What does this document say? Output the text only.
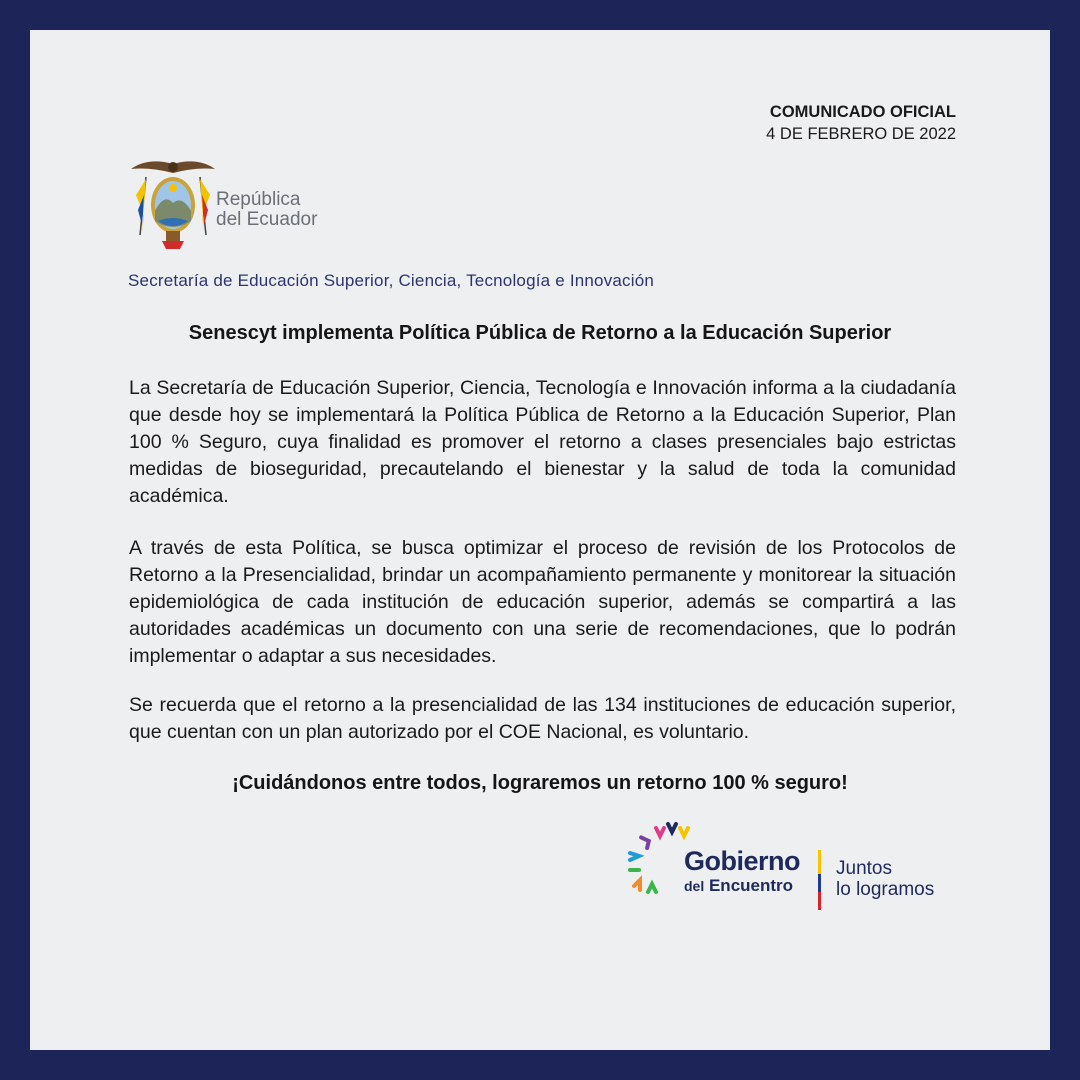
COMUNICADO OFICIAL
4 DE FEBRERO DE 2022
República
del Ecuador
Secretaría de Educación Superior, Ciencia, Tecnología e Innovación
Senescyt implementa Política Pública de Retorno a la Educación Superior
La Secretaría de Educación Superior, Ciencia, Tecnología e Innovación informa a la ciudadanía que desde hoy se implementará la Política Pública de Retorno a la Educación Superior, Plan 100 % Seguro, cuya finalidad es promover el retorno a clases presenciales bajo estrictas medidas de bioseguridad, precautelando el bienestar y la salud de toda la comunidad académica.
A través de esta Política, se busca optimizar el proceso de revisión de los Protocolos de Retorno a la Presencialidad, brindar un acompañamiento permanente y monitorear la situación epidemiológica de cada institución de educación superior, además se compartirá a las autoridades académicas un documento con una serie de recomendaciones, que lo podrán implementar o adaptar a sus necesidades.
Se recuerda que el retorno a la presencialidad de las 134 instituciones de educación superior, que cuentan con un plan autorizado por el COE Nacional, es voluntario.
¡Cuidándonos entre todos, lograremos un retorno 100 % seguro!
Gobierno
del Encuentro
Juntos
lo logramos
